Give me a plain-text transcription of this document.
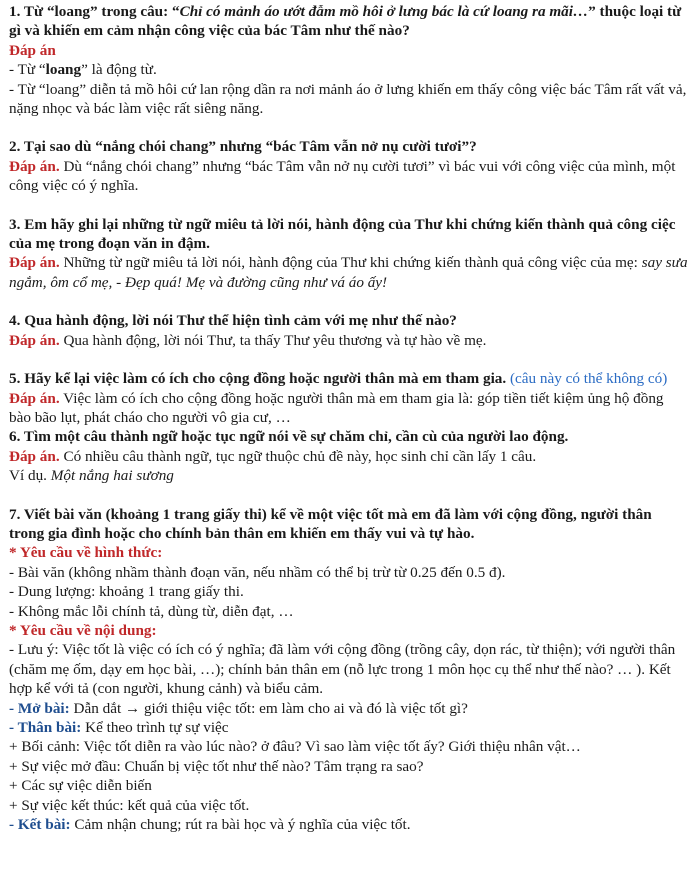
1. Từ “loang” trong câu: “Chỉ có mảnh áo ướt đẫm mồ hôi ở lưng bác là cứ loang ra mãi…” thuộc loại từ gì và khiến em cảm nhận công việc của bác Tâm như thế nào?

Đáp án

- Từ “loang” là động từ.

- Từ “loang” diễn tả mồ hôi cứ lan rộng dần ra nơi mảnh áo ở lưng khiến em thấy công việc bác Tâm rất vất vả, nặng nhọc và bác làm việc rất siêng năng.

2. Tại sao dù “nắng chói chang” nhưng “bác Tâm vẫn nở nụ cười tươi”?

Đáp án. Dù “nắng chói chang” nhưng “bác Tâm vẫn nở nụ cười tươi” vì bác vui với công việc của mình, một công việc có ý nghĩa.

3. Em hãy ghi lại những từ ngữ miêu tả lời nói, hành động của Thư khi chứng kiến thành quả công ciệc của mẹ trong đoạn văn in đậm.

Đáp án. Những từ ngữ miêu tả lời nói, hành động của Thư khi chứng kiến thành quả công việc của mẹ: say sưa ngắm, ôm cổ mẹ, - Đẹp quá! Mẹ và đường cũng như vá áo ấy!

4. Qua hành động, lời nói Thư thể hiện tình cảm với mẹ như thế nào?

Đáp án. Qua hành động, lời nói Thư, ta thấy Thư yêu thương và tự hào về mẹ.

5. Hãy kể lại việc làm có ích cho cộng đồng hoặc người thân mà em tham gia. (câu này có thể không có)

Đáp án. Việc làm có ích cho cộng đồng hoặc người thân mà em tham gia là: góp tiền tiết kiệm ủng hộ đồng bào bão lụt, phát cháo cho người vô gia cư, …

6. Tìm một câu thành ngữ hoặc tục ngữ nói về sự chăm chỉ, cần cù của người lao động.

Đáp án. Có nhiều câu thành ngữ, tục ngữ thuộc chủ đề này, học sinh chỉ cần lấy 1 câu.

Ví dụ. Một nắng hai sương

7. Viết bài văn (khoảng 1 trang giấy thi) kể về một việc tốt mà em đã làm với cộng đồng, người thân trong gia đình hoặc cho chính bản thân em khiến em thấy vui và tự hào.

* Yêu cầu về hình thức:

- Bài văn (không nhầm thành đoạn văn, nếu nhầm có thể bị trừ từ 0.25 đến 0.5 đ).

- Dung lượng: khoảng 1 trang giấy thi.

- Không mắc lỗi chính tả, dùng từ, diễn đạt, …

* Yêu cầu về nội dung:

- Lưu ý: Việc tốt là việc có ích có ý nghĩa; đã làm với cộng đồng (trồng cây, dọn rác, từ thiện); với người thân (chăm mẹ ốm, dạy em học bài, …); chính bản thân em (nỗ lực trong 1 môn học cụ thể như thế nào? … ). Kết hợp kể với tả (con người, khung cảnh) và biểu cảm.

- Mở bài: Dẫn dắt → giới thiệu việc tốt: em làm cho ai và đó là việc tốt gì?

- Thân bài: Kể theo trình tự sự việc

+ Bối cảnh: Việc tốt diễn ra vào lúc nào? ở đâu? Vì sao làm việc tốt ấy? Giới thiệu nhân vật…

+ Sự việc mở đầu: Chuẩn bị việc tốt như thế nào? Tâm trạng ra sao?

+ Các sự việc diễn biến

+ Sự việc kết thúc: kết quả của việc tốt.

- Kết bài: Cảm nhận chung; rút ra bài học và ý nghĩa của việc tốt.
